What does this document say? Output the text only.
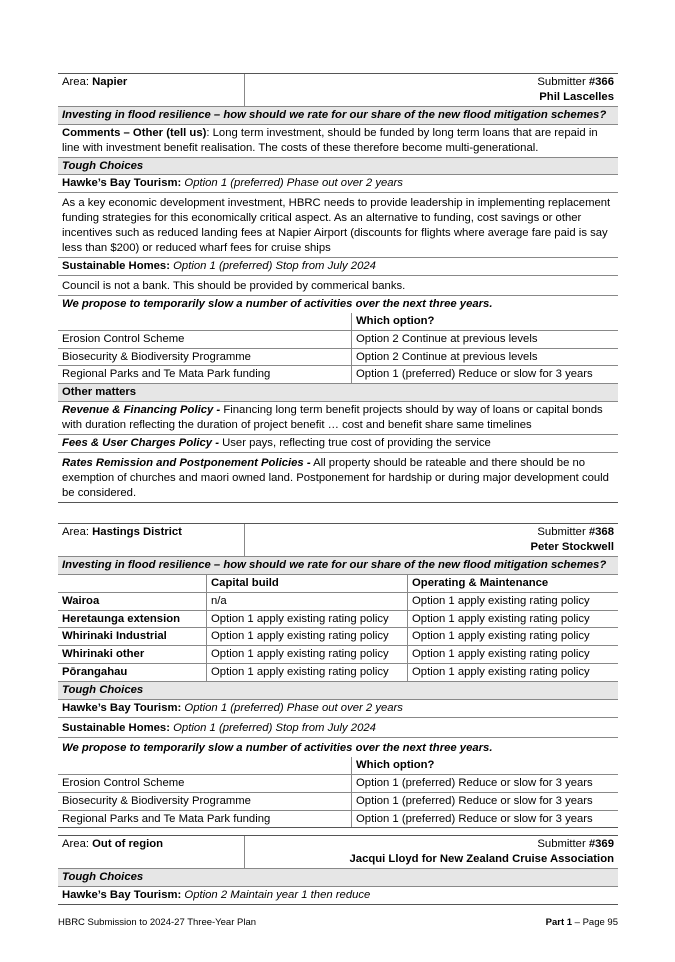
Area: Napier	Submitter #366
Phil Lascelles
Investing in flood resilience – how should we rate for our share of the new flood mitigation schemes?
Comments – Other (tell us): Long term investment, should be funded by long term loans that are repaid in line with investment benefit realisation. The costs of these therefore become multi-generational.
Tough Choices
Hawke’s Bay Tourism: Option 1 (preferred) Phase out over 2 years
As a key economic development investment, HBRC needs to provide leadership in implementing replacement funding strategies for this economically critical aspect. As an alternative to funding, cost savings or other incentives such as reduced landing fees at Napier Airport (discounts for flights where average fare paid is say less than $200) or reduced wharf fees for cruise ships
Sustainable Homes: Option 1 (preferred) Stop from July 2024
Council is not a bank. This should be provided by commerical banks.
We propose to temporarily slow a number of activities over the next three years.	
	Which option?
Erosion Control Scheme	Option 2 Continue at previous levels
Biosecurity & Biodiversity Programme	Option 2 Continue at previous levels
Regional Parks and Te Mata Park funding	Option 1 (preferred) Reduce or slow for 3 years
Other matters
Revenue & Financing Policy - Financing long term benefit projects should by way of loans or capital bonds with duration reflecting the duration of project benefit … cost and benefit share same timelines
Fees & User Charges Policy - User pays, reflecting true cost of providing the service
Rates Remission and Postponement Policies - All property should be rateable and there should be no exemption of churches and maori owned land. Postponement for hardship or during major development could be considered.
Area: Hastings District	Submitter #368
Peter Stockwell
Investing in flood resilience – how should we rate for our share of the new flood mitigation schemes?
	Capital build	Operating & Maintenance
Wairoa	n/a	Option 1 apply existing rating policy
Heretaunga extension	Option 1 apply existing rating policy	Option 1 apply existing rating policy
Whirinaki Industrial	Option 1 apply existing rating policy	Option 1 apply existing rating policy
Whirinaki other	Option 1 apply existing rating policy	Option 1 apply existing rating policy
Pōrangahau	Option 1 apply existing rating policy	Option 1 apply existing rating policy
Tough Choices
Hawke’s Bay Tourism: Option 1 (preferred) Phase out over 2 years
Sustainable Homes: Option 1 (preferred) Stop from July 2024
We propose to temporarily slow a number of activities over the next three years.	
	Which option?
Erosion Control Scheme	Option 1 (preferred) Reduce or slow for 3 years
Biosecurity & Biodiversity Programme	Option 1 (preferred) Reduce or slow for 3 years
Regional Parks and Te Mata Park funding	Option 1 (preferred) Reduce or slow for 3 years
Area: Out of region	Submitter #369
Jacqui Lloyd for New Zealand Cruise Association
Tough Choices
Hawke’s Bay Tourism: Option 2 Maintain year 1 then reduce
HBRC Submission to 2024-27 Three-Year Plan	Part 1 – Page 95
